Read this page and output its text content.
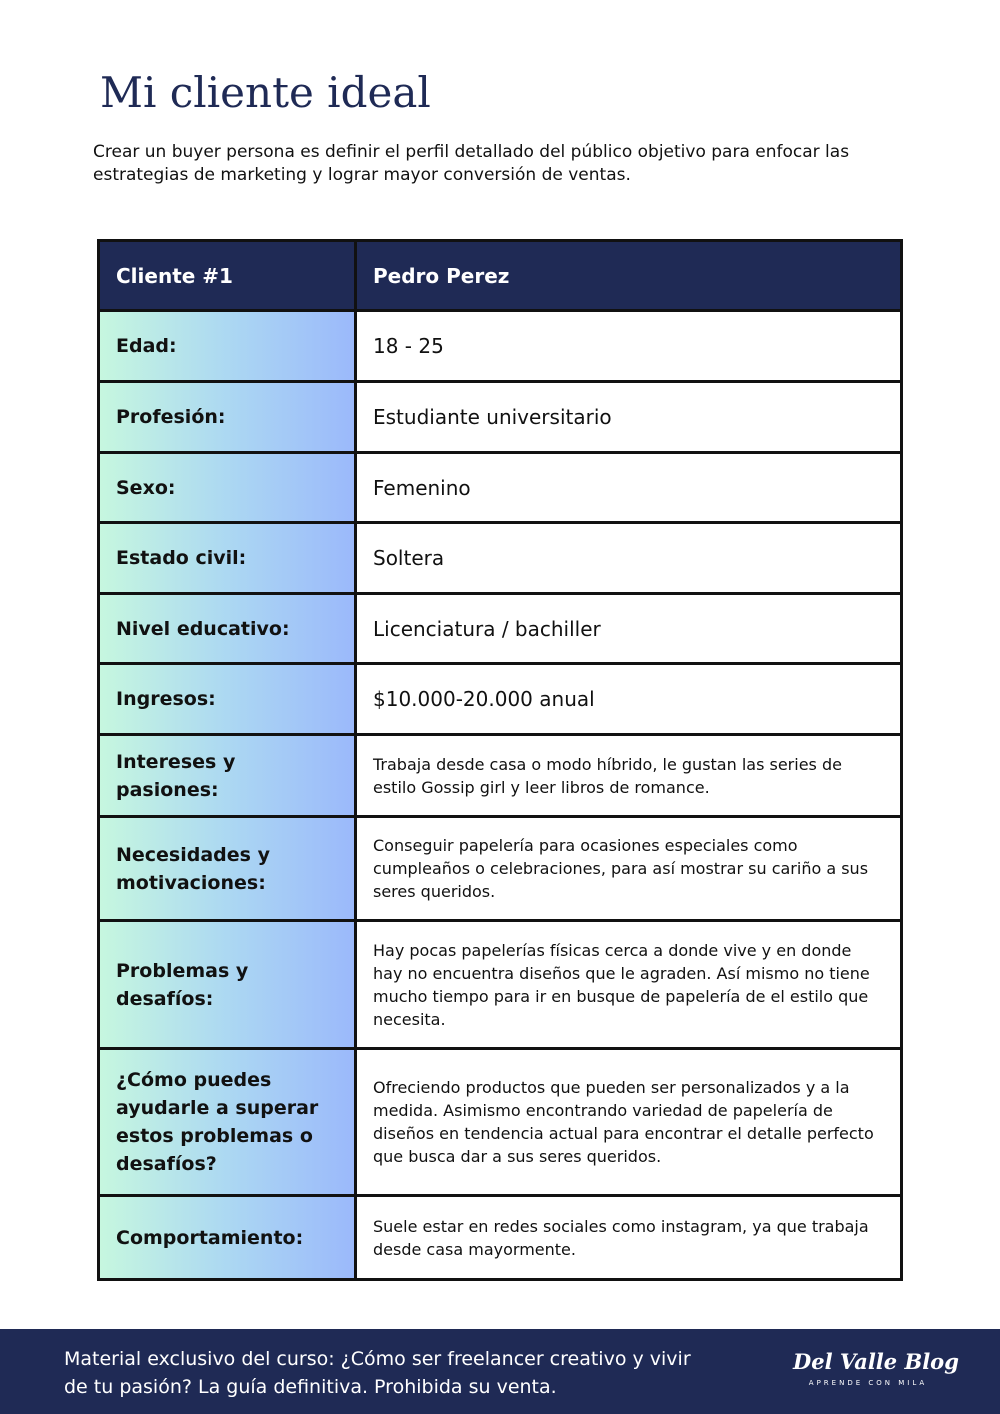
Mi cliente ideal

Crear un buyer persona es definir el perfil detallado del público objetivo para enfocar las estrategias de marketing y lograr mayor conversión de ventas.

Cliente #1	Pedro Perez
Edad:	18 - 25
Profesión:	Estudiante universitario
Sexo:	Femenino
Estado civil:	Soltera
Nivel educativo:	Licenciatura / bachiller
Ingresos:	$10.000-20.000 anual
Intereses y pasiones:
Trabaja desde casa o modo híbrido, le gustan las series de estilo Gossip girl y leer libros de romance.
Necesidades y motivaciones:
Conseguir papelería para ocasiones especiales como cumpleaños o celebraciones, para así mostrar su cariño a sus seres queridos.
Problemas y desafíos:
Hay pocas papelerías físicas cerca a donde vive y en donde hay no encuentra diseños que le agraden. Así mismo no tiene mucho tiempo para ir en busque de papelería de el estilo que necesita.
¿Cómo puedes ayudarle a superar estos problemas o desafíos?
Ofreciendo productos que pueden ser personalizados y a la medida. Asimismo encontrando variedad de papelería de diseños en tendencia actual para encontrar el detalle perfecto que busca dar a sus seres queridos.
Comportamiento:
Suele estar en redes sociales como instagram, ya que trabaja desde casa mayormente.

Material exclusivo del curso: ¿Cómo ser freelancer creativo y vivir de tu pasión? La guía definitiva. Prohibida su venta.

Del Valle Blog
APRENDE CON MILA
